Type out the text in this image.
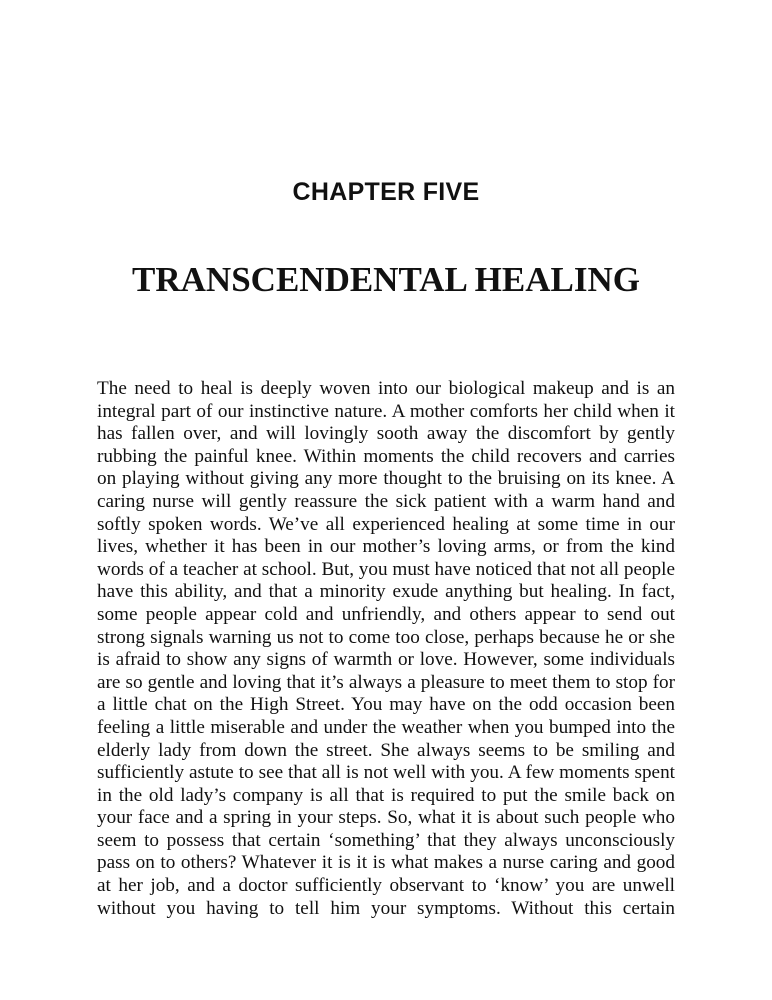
CHAPTER FIVE
TRANSCENDENTAL HEALING

The need to heal is deeply woven into our biological makeup and is an integral part of our instinctive nature. A mother comforts her child when it has fallen over, and will lovingly sooth away the discomfort by gently rubbing the painful knee. Within moments the child recovers and carries on playing without giving any more thought to the bruising on its knee. A caring nurse will gently reassure the sick patient with a warm hand and softly spoken words. We’ve all experienced healing at some time in our lives, whether it has been in our mother’s loving arms, or from the kind words of a teacher at school. But, you must have noticed that not all people have this ability, and that a minority exude anything but healing. In fact, some people appear cold and unfriendly, and others appear to send out strong signals warning us not to come too close, perhaps because he or she is afraid to show any signs of warmth or love. However, some individuals are so gentle and loving that it’s always a pleasure to meet them to stop for a little chat on the High Street. You may have on the odd occasion been feeling a little miserable and under the weather when you bumped into the elderly lady from down the street. She always seems to be smiling and sufficiently astute to see that all is not well with you. A few moments spent in the old lady’s company is all that is required to put the smile back on your face and a spring in your steps. So, what it is about such people who seem to possess that certain ‘something’ that they always unconsciously pass on to others? Whatever it is it is what makes a nurse caring and good at her job, and a doctor sufficiently observant to ‘know’ you are unwell without you having to tell him your symptoms. Without this certain
